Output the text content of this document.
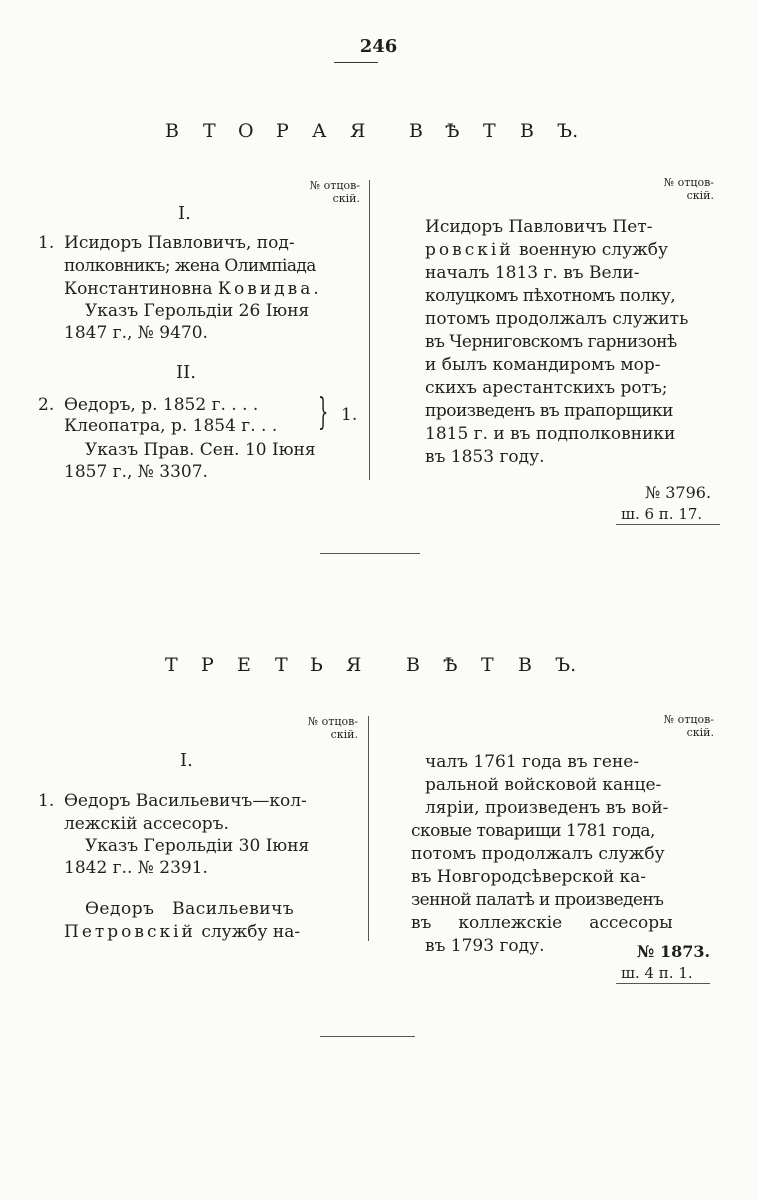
246
В Т О Р А Я В Ѣ Т В Ъ.
№ отцов-
скій.
№ отцов-
скій.
I.
1. Исидоръ Павловичъ, под-
полковникъ; жена Олимпіада
Константиновна Ковидва.
Указъ Герольдіи 26 Іюня
1847 г., № 9470.
II.
2. Өедоръ, р. 1852 г. . . .
Клеопатра, р. 1854 г. . . } 1.
Указъ Прав. Сен. 10 Іюня
1857 г., № 3307.
Исидоръ Павловичъ Пет-
ровскій военную службу
началъ 1813 г. въ Вели-
колуцкомъ пѣхотномъ полку,
потомъ продолжалъ служить
въ Черниговскомъ гарнизонѣ
и былъ командиромъ мор-
скихъ арестантскихъ ротъ;
произведенъ въ прапорщики
1815 г. и въ подполковники
въ 1853 году.
№ 3796.
ш. 6 п. 17.
Т Р Е Т Ь Я В Ѣ Т В Ъ.
№ отцов-
скій.
№ отцов-
скій.
I.
1. Өедоръ Васильевичъ—кол-
лежскій ассесоръ.
Указъ Герольдіи 30 Іюня
1842 г.. № 2391.
Өедоръ   Васильевичъ
Петровскій службу на-
чалъ 1761 года въ гене-
ральной войсковой канце-
ляріи, произведенъ въ вой-
сковые товарищи 1781 года,
потомъ продолжалъ службу
въ Новгородсѣверской ка-
зенной палатѣ и произведенъ
въ     коллежскіе     ассесоры
въ 1793 году.	№ 1873.
ш. 4 п. 1.
